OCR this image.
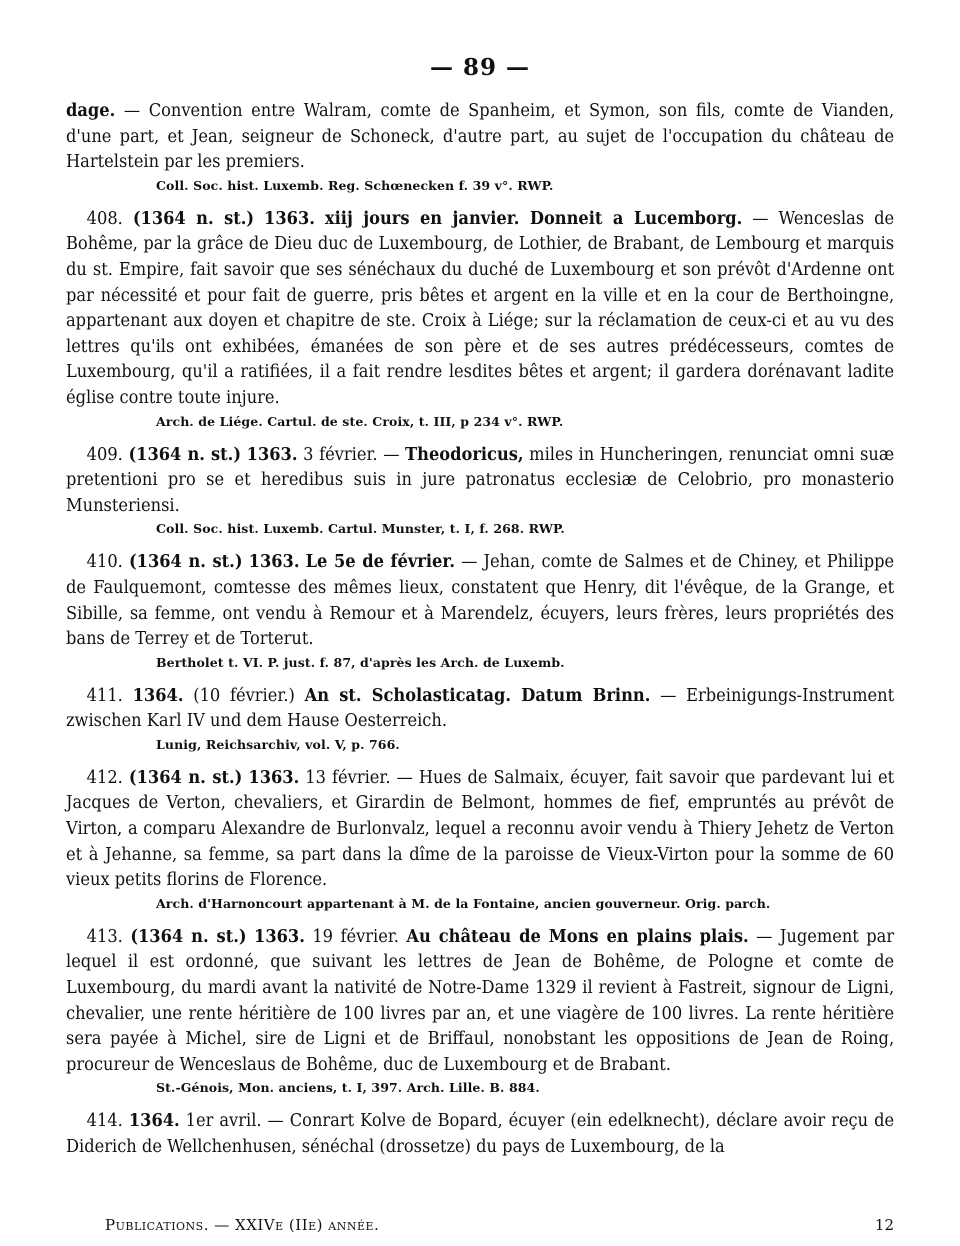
— 89 —

dage. — Convention entre Walram, comte de Spanheim, et Symon, son fils, comte de Vianden, d'une part, et Jean, seigneur de Schoneck, d'autre part, au sujet de l'occupation du château de Hartelstein par les premiers.

Coll. Soc. hist. Luxemb. Reg. Schœnecken f. 39 v°. RWP.

408. (1364 n. st.) 1363. xiij jours en janvier. Donneit a Lucemborg. — Wenceslas de Bohême, par la grâce de Dieu duc de Luxembourg, de Lothier, de Brabant, de Lembourg et marquis du st. Empire, fait savoir que ses sénéchaux du duché de Luxembourg et son prévôt d'Ardenne ont par nécessité et pour fait de guerre, pris bêtes et argent en la ville et en la cour de Berthoingne, appartenant aux doyen et chapitre de ste. Croix à Liége; sur la réclamation de ceux-ci et au vu des lettres qu'ils ont exhibées, émanées de son père et de ses autres prédécesseurs, comtes de Luxembourg, qu'il a ratifiées, il a fait rendre lesdites bêtes et argent; il gardera dorénavant ladite église contre toute injure.

Arch. de Liége. Cartul. de ste. Croix, t. III, p 234 v°. RWP.

409. (1364 n. st.) 1363. 3 février. — Theodoricus, miles in Huncheringen, renunciat omni suæ pretentioni pro se et heredibus suis in jure patronatus ecclesiæ de Celobrio, pro monasterio Munsteriensi.

Coll. Soc. hist. Luxemb. Cartul. Munster, t. I, f. 268. RWP.

410. (1364 n. st.) 1363. Le 5e de février. — Jehan, comte de Salmes et de Chiney, et Philippe de Faulquemont, comtesse des mêmes lieux, constatent que Henry, dit l'évêque, de la Grange, et Sibille, sa femme, ont vendu à Remour et à Marendelz, écuyers, leurs frères, leurs propriétés des bans de Terrey et de Torterut.

Bertholet t. VI. P. just. f. 87, d'après les Arch. de Luxemb.

411. 1364. (10 février.) An st. Scholasticatag. Datum Brinn. — Erbeinigungs-Instrument zwischen Karl IV und dem Hause Oesterreich.

Lunig, Reichsarchiv, vol. V, p. 766.

412. (1364 n. st.) 1363. 13 février. — Hues de Salmaix, écuyer, fait savoir que pardevant lui et Jacques de Verton, chevaliers, et Girardin de Belmont, hommes de fief, empruntés au prévôt de Virton, a comparu Alexandre de Burlonvalz, lequel a reconnu avoir vendu à Thiery Jehetz de Verton et à Jehanne, sa femme, sa part dans la dîme de la paroisse de Vieux-Virton pour la somme de 60 vieux petits florins de Florence.

Arch. d'Harnoncourt appartenant à M. de la Fontaine, ancien gouverneur. Orig. parch.

413. (1364 n. st.) 1363. 19 février. Au château de Mons en plains plais. — Jugement par lequel il est ordonné, que suivant les lettres de Jean de Bohême, de Pologne et comte de Luxembourg, du mardi avant la nativité de Notre-Dame 1329 il revient à Fastreit, signour de Ligni, chevalier, une rente héritière de 100 livres par an, et une viagère de 100 livres. La rente héritière sera payée à Michel, sire de Ligni et de Briffaul, nonobstant les oppositions de Jean de Roing, procureur de Wenceslaus de Bohême, duc de Luxembourg et de Brabant.

St.-Génois, Mon. anciens, t. I, 397. Arch. Lille. B. 884.

414. 1364. 1er avril. — Conrart Kolve de Bopard, écuyer (ein edelknecht), déclare avoir reçu de Diderich de Wellchenhusen, sénéchal (drossetze) du pays de Luxembourg, de la

Publications. — XXIVe (IIe) année.	12
